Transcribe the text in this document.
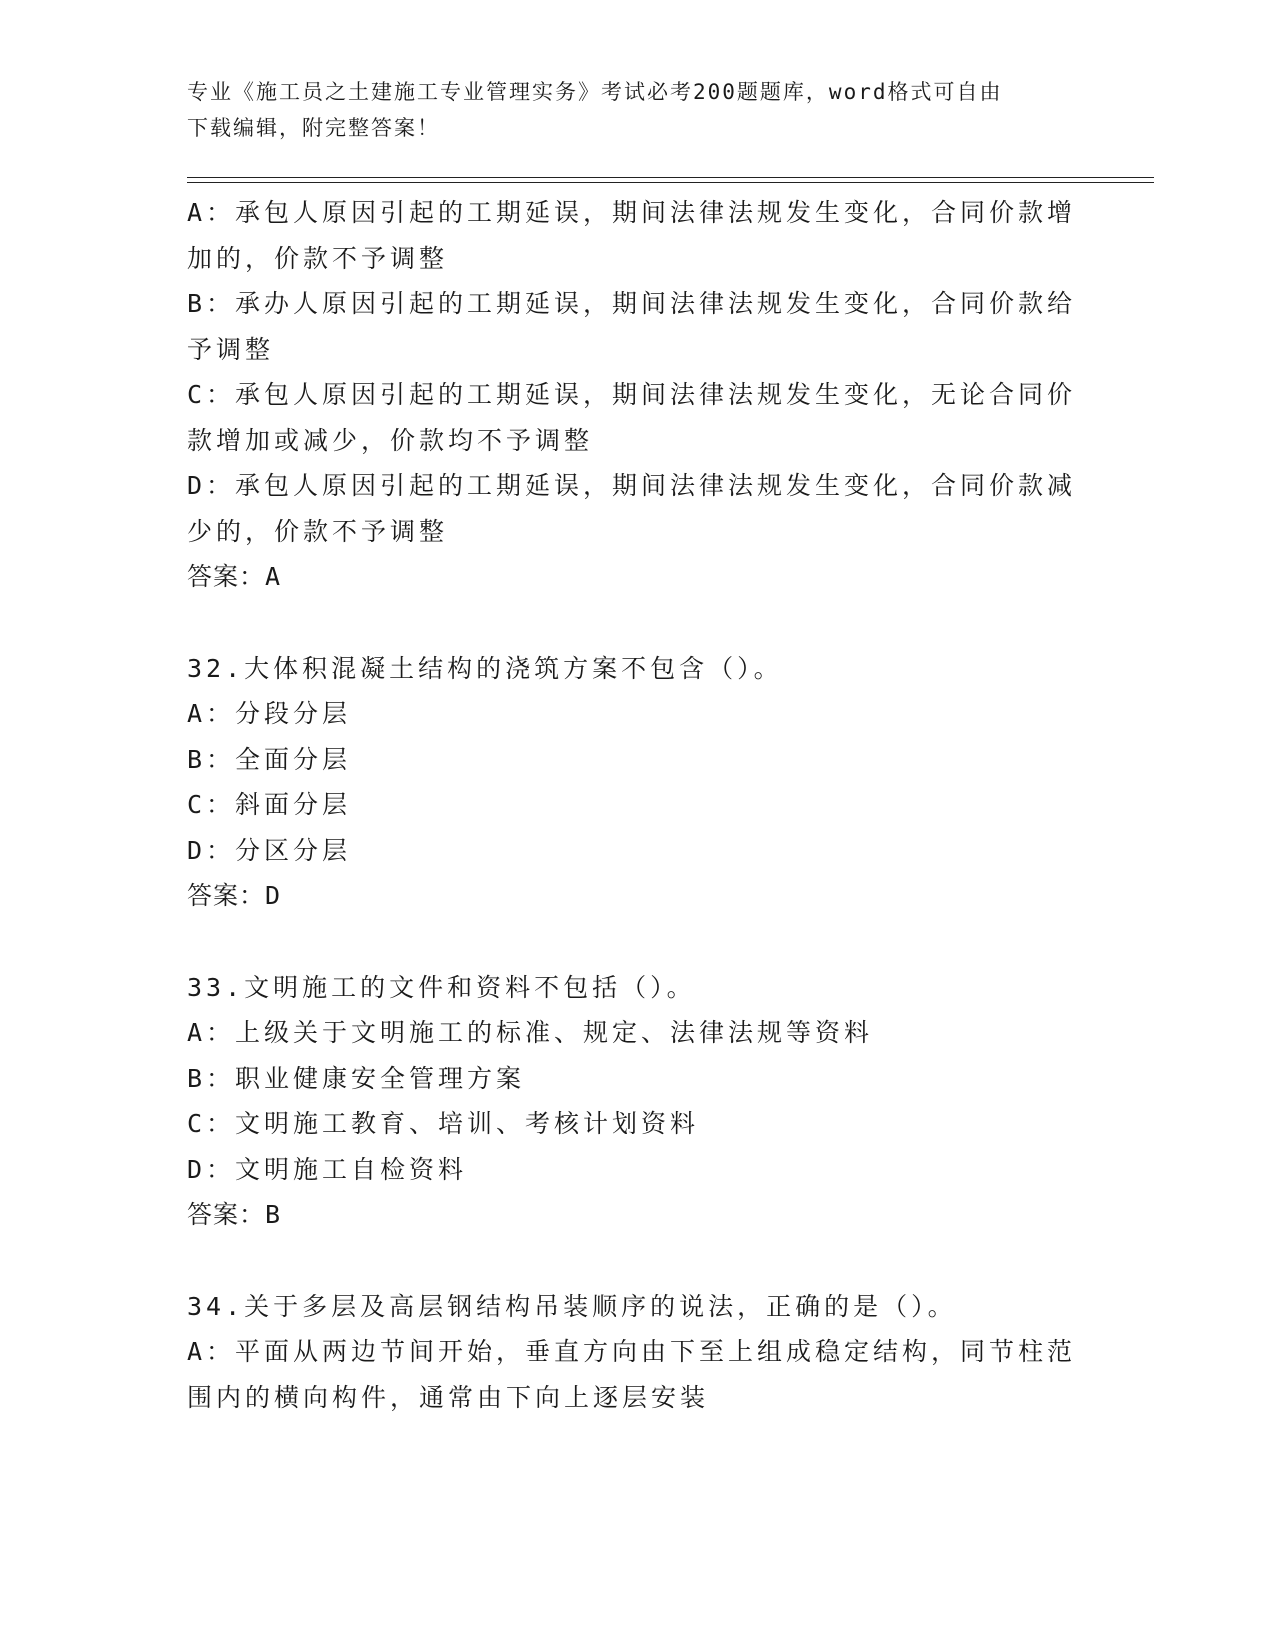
专业《施工员之土建施工专业管理实务》考试必考200题题库，word格式可自由
下载编辑，附完整答案！
A：承包人原因引起的工期延误，期间法律法规发生变化，合同价款增
加的，价款不予调整
B：承办人原因引起的工期延误，期间法律法规发生变化，合同价款给
予调整
C：承包人原因引起的工期延误，期间法律法规发生变化，无论合同价
款增加或减少，价款均不予调整
D：承包人原因引起的工期延误，期间法律法规发生变化，合同价款减
少的，价款不予调整
答案：A
32.大体积混凝土结构的浇筑方案不包含（）。
A：分段分层
B：全面分层
C：斜面分层
D：分区分层
答案：D
33.文明施工的文件和资料不包括（）。
A：上级关于文明施工的标准、规定、法律法规等资料
B：职业健康安全管理方案
C：文明施工教育、培训、考核计划资料
D：文明施工自检资料
答案：B
34.关于多层及高层钢结构吊装顺序的说法，正确的是（）。
A：平面从两边节间开始，垂直方向由下至上组成稳定结构，同节柱范
围内的横向构件，通常由下向上逐层安装
